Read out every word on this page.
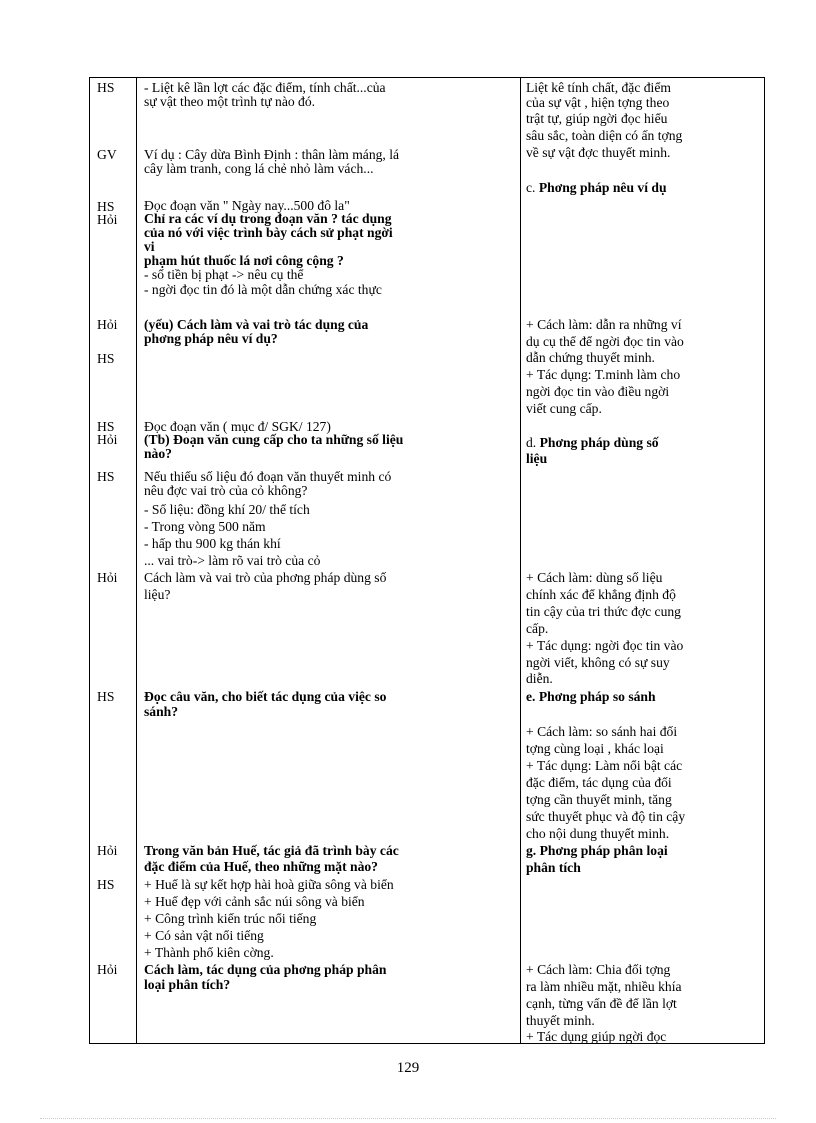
HS
GV
HS
Hỏi
Hỏi
HS
HS
Hỏi
HS
Hỏi
HS
Hỏi
HS
Hỏi
- Liệt kê lần lợt các đặc điểm, tính chất...của
sự vật theo một trình tự nào đó.
Ví dụ : Cây dừa Bình Định : thân làm máng, lá
cây làm tranh, cong lá chẻ nhỏ làm vách...
Đọc đoạn văn " Ngày nay...500 đô la"
Chỉ ra các ví dụ trong đoạn văn ? tác dụng
của nó với việc trình bày cách sử phạt ngời
vi
phạm hút thuốc lá nơi công cộng ?
- số tiền bị phạt -> nêu cụ thể
- ngời đọc tin đó là một dẫn chứng xác thực
(yếu) Cách làm và vai trò tác dụng của
phơng pháp nêu ví dụ?
Đọc đoạn văn ( mục đ/ SGK/ 127)
(Tb) Đoạn văn cung cấp cho ta những số liệu
nào?
Nếu thiếu số liệu đó đoạn văn thuyết minh có
nêu đợc vai trò của cỏ không?
- Số liệu: đồng khí 20/ thể tích
- Trong vòng 500 năm
- hấp thu 900 kg thán khí
... vai trò-> làm rõ vai trò của cỏ
Cách làm và vai trò của phơng pháp dùng số
liệu?
Đọc câu văn, cho biết tác dụng của việc so
sánh?
Trong văn bản Huế, tác giả đã trình bày các
đặc điểm của Huế, theo những mặt nào?
+ Huế là sự kết hợp hài hoà giữa sông và biển
+ Huế đẹp với cảnh sắc núi sông và biển
+ Công trình kiến trúc nổi tiếng
+ Có sản vật nổi tiếng
+ Thành phố kiên cờng.
Cách làm, tác dụng của phơng pháp phân
loại phân tích?
Liệt kê tính chất, đặc điểm
của sự vật , hiện tợng theo
trật tự, giúp ngời đọc hiểu
sâu sắc, toàn diện có ấn tợng
về sự vật đợc thuyết minh.
c. Phơng pháp nêu ví dụ
+ Cách làm: dẫn ra những ví
dụ cụ thể để ngời đọc tin vào
dẫn chứng thuyết minh.
+ Tác dụng: T.minh làm cho
ngời đọc tin vào điều ngời
viết cung cấp.
d. Phơng pháp dùng số
liệu
+ Cách làm: dùng số liệu
chính xác để khẳng định độ
tin cậy của tri thức đợc cung
cấp.
+ Tác dụng: ngời đọc tin vào
ngời viết, không có sự suy
diễn.
e. Phơng pháp so sánh
+ Cách làm: so sánh hai đối
tợng cùng loại , khác loại
+ Tác dụng: Làm nổi bật các
đặc điểm, tác dụng của đối
tợng cần thuyết minh, tăng
sức thuyết phục và độ tin cậy
cho nội dung thuyết minh.
g. Phơng pháp phân loại
phân tích
+ Cách làm: Chia đối tợng
ra làm nhiều mặt, nhiều khía
cạnh, từng vấn đề để lần lợt
thuyết minh.
+ Tác dụng giúp ngời đọc
129
